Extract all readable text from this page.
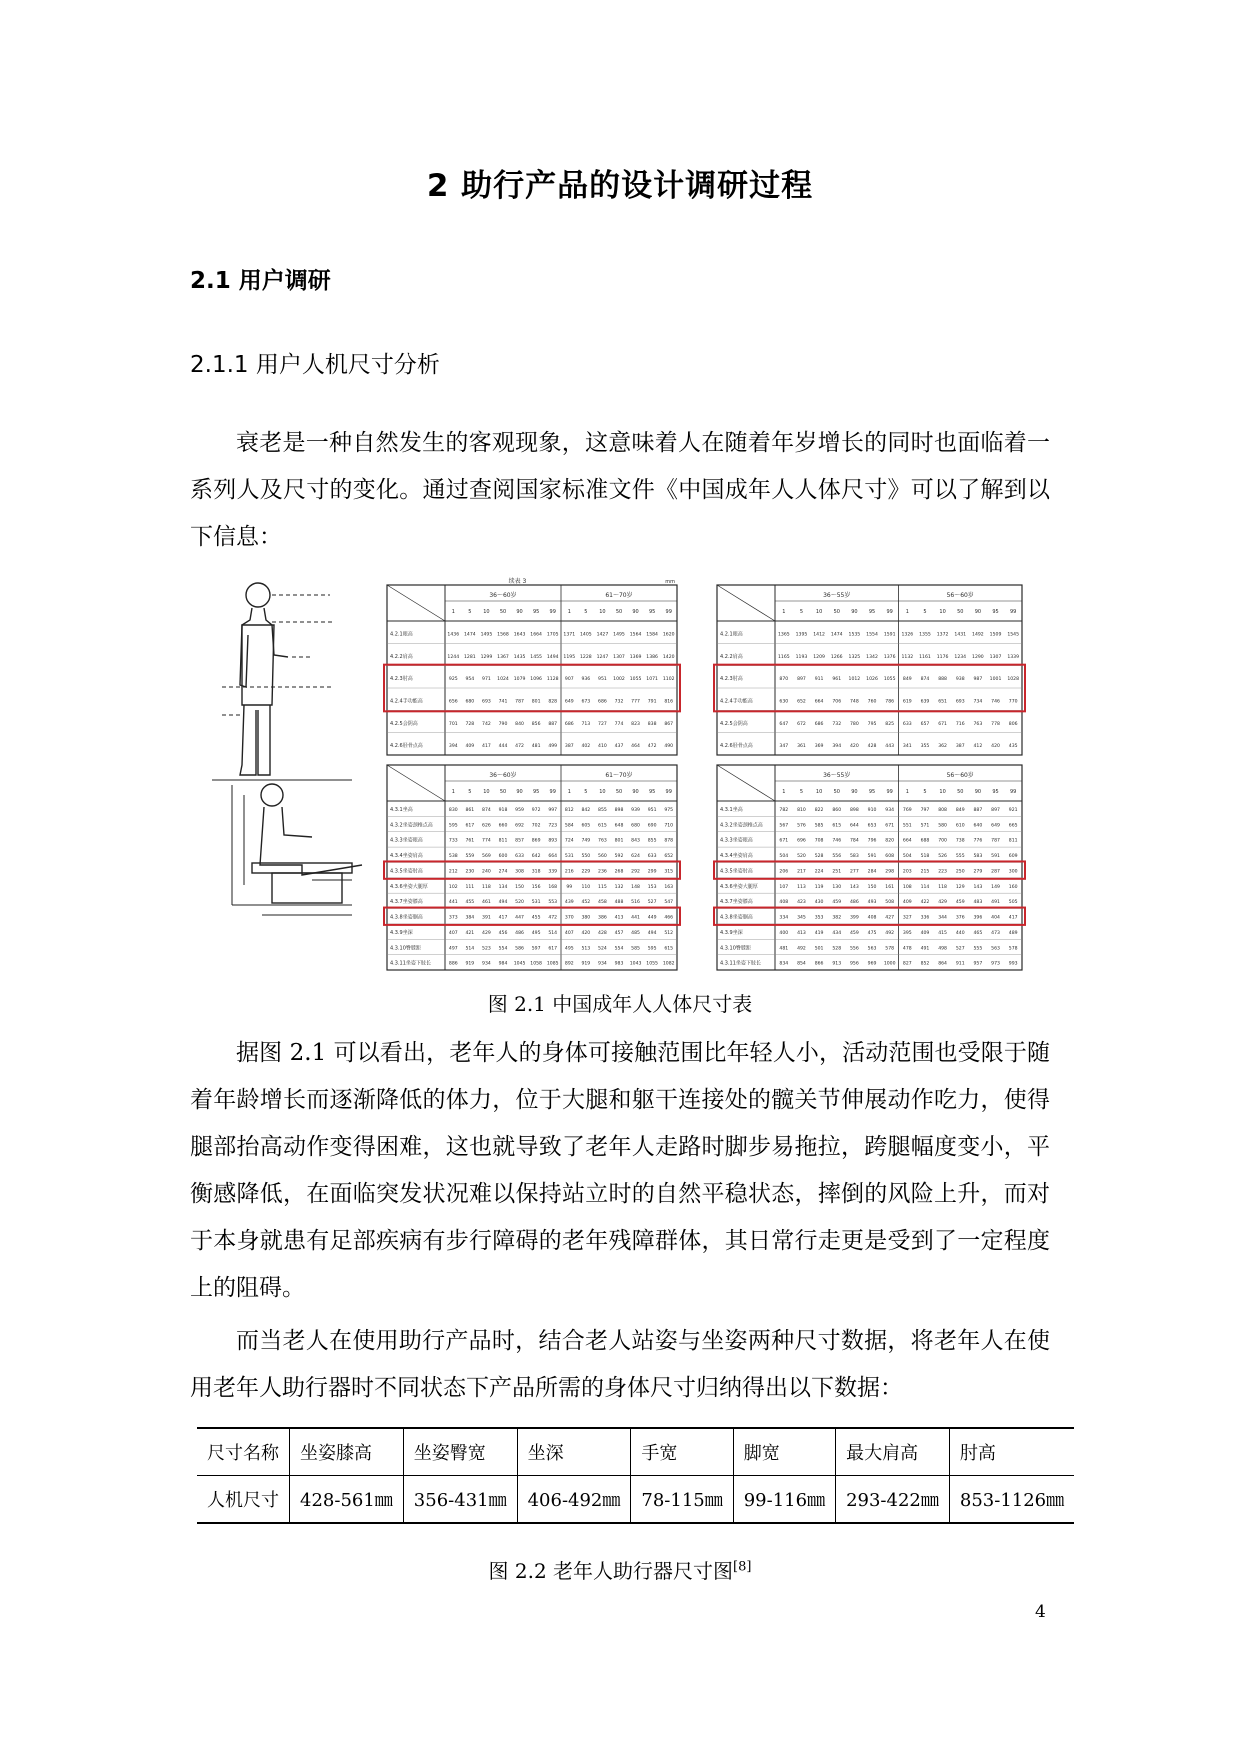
2 助行产品的设计调研过程
2.1 用户调研
2.1.1 用户人机尺寸分析

衰老是一种自然发生的客观现象，这意味着人在随着年岁增长的同时也面临着一系列人及尺寸的变化。通过查阅国家标准文件《中国成年人人体尺寸》可以了解到以下信息：

续表 3	mm
36～60岁	61～70岁
1	5 10 50 90 95 99 1	5 10 50 90 95 99
4.2.1眼高	1436 1474 1495 1568 1643 1664 1705 1371 1405 1427 1495 1564 1584 1620
4.2.2肩高	1244 1281 1299 1367 1435 1455 1494 1195 1228 1247 1307 1369 1386 1420
4.2.3肘高	925 954 971 1024 1079 1096 1128 907 936 951 1002 1055 1071 1102
4.2.4手功能高	656 680 693 741 787 801 828 649 673 686 732 777 791 816
4.2.5会阴高	701 728 742 790 840 856 887 686 713 727 774 823 838 867
4.2.6胫骨点高	394 409 417 444 472 481 499 387 402 410 437 464 472 490
36～55岁	56～60岁
1	5	10 50 90 95 99	1	5	10 50 90 95 99
4.2.1眼高	1365 1395 1412 1474 1535 1554 1591 1326 1355 1372 1431 1492 1509 1545
4.2.2肩高	1165 1193 1209 1266 1325 1342 1376 1132 1161 1176 1234 1290 1307 1339
4.2.3肘高	870 897 911 961 1012 1026 1055 849 874 888 938 987 1001 1028
4.2.4手功能高	630 652 664 706 748 760 786 619 639 651 693 734 746 770
4.2.5会阴高	647 672 686 732 780 795 825 633 657 671 716 763 778 806
4.2.6胫骨点高	347 361 369 394 420 428 443 341 355 362 387 412 420 435
36～60岁	61～70岁
1	5 10 50 90 95 99 1	5 10 50 90 95 99
4.3.1坐高	830 861 874 918 959 972 997 812 842 855 898 939 951 975
4.3.2坐姿颈椎点高	595 617 626 660 692 702 723 584 605 615 648 680 690 710
4.3.3坐姿眼高	733 761 774 811 857 869 893 724 749 763 801 843 855 878
4.3.4坐姿肩高	538 559 569 600 633 642 664 531 550 560 592 624 633 652
4.3.5坐姿肘高	212 230 240 274 308 318 339 216 229 236 268 292 299 315
4.3.6坐姿大腿厚	102 111 118 134 150 156 168 99 110 115 132 148 153 163
4.3.7坐姿膝高	441 455 461 494 520 531 553 439 452 458 488 516 527 547
4.3.8坐姿腘高	373 384 391 417 447 455 472 370 380 386 413 441 449 466
4.3.9坐深	407 421 429 456 486 495 514 407 420 428 457 485 494 512
4.3.10臀膝距	497 514 523 554 586 597 617 495 513 524 554 585 595 615
4.3.11坐姿下肢长	886 919 934 984 1045 1058 1085 892 919 934 983 1043 1055 1082
36～55岁	56～60岁
1	5	10 50 90 95 99	1	5	10 50 90 95 99
4.3.1坐高	782 810 822 860 898 910 934 769 797 808 849 887 897 921
4.3.2坐姿颈椎点高	567 576 585 615 644 653 671 551 571 580 610 640 649 665
4.3.3坐姿眼高	671 696 708 746 784 796 820 664 688 700 738 776 787 811
4.3.4坐姿肩高	504 520 528 556 583 591 608 504 518 526 555 583 591 609
4.3.5坐姿肘高	206 217 224 251 277 284 298 203 215 223 250 279 287 300
4.3.6坐姿大腿厚	107 113 119 130 143 150 161 108 114 118 129 143 149 160
4.3.7坐姿膝高	408 423 430 459 486 493 508 409 422 429 459 483 491 505
4.3.8坐姿腘高	334 345 353 382 399 408 427 327 336 344 376 396 404 417
4.3.9坐深	400 413 419 434 459 475 492 395 409 415 440 465 473 489
4.3.10臀膝距	481 492 501 528 556 563 578 478 491 498 527 555 563 578
4.3.11坐姿下肢长	834 854 866 913 956 969 1000 827 852 864 911 957 973 993
图 2.1 中国成年人人体尺寸表

据图 2.1 可以看出，老年人的身体可接触范围比年轻人小，活动范围也受限于随着年龄增长而逐渐降低的体力，位于大腿和躯干连接处的髋关节伸展动作吃力，使得腿部抬高动作变得困难，这也就导致了老年人走路时脚步易拖拉，跨腿幅度变小，平衡感降低，在面临突发状况难以保持站立时的自然平稳状态，摔倒的风险上升，而对于本身就患有足部疾病有步行障碍的老年残障群体，其日常行走更是受到了一定程度上的阻碍。

而当老人在使用助行产品时，结合老人站姿与坐姿两种尺寸数据，将老年人在使用老年人助行器时不同状态下产品所需的身体尺寸归纳得出以下数据：

尺寸名称	坐姿膝高	坐姿臀宽	坐深	手宽	脚宽	最大肩高	肘高
人机尺寸	428-561㎜	356-431㎜	406-492㎜	78-115㎜	99-116㎜	293-422㎜	853-1126㎜
图 2.2 老年人助行器尺寸图[8]
4
